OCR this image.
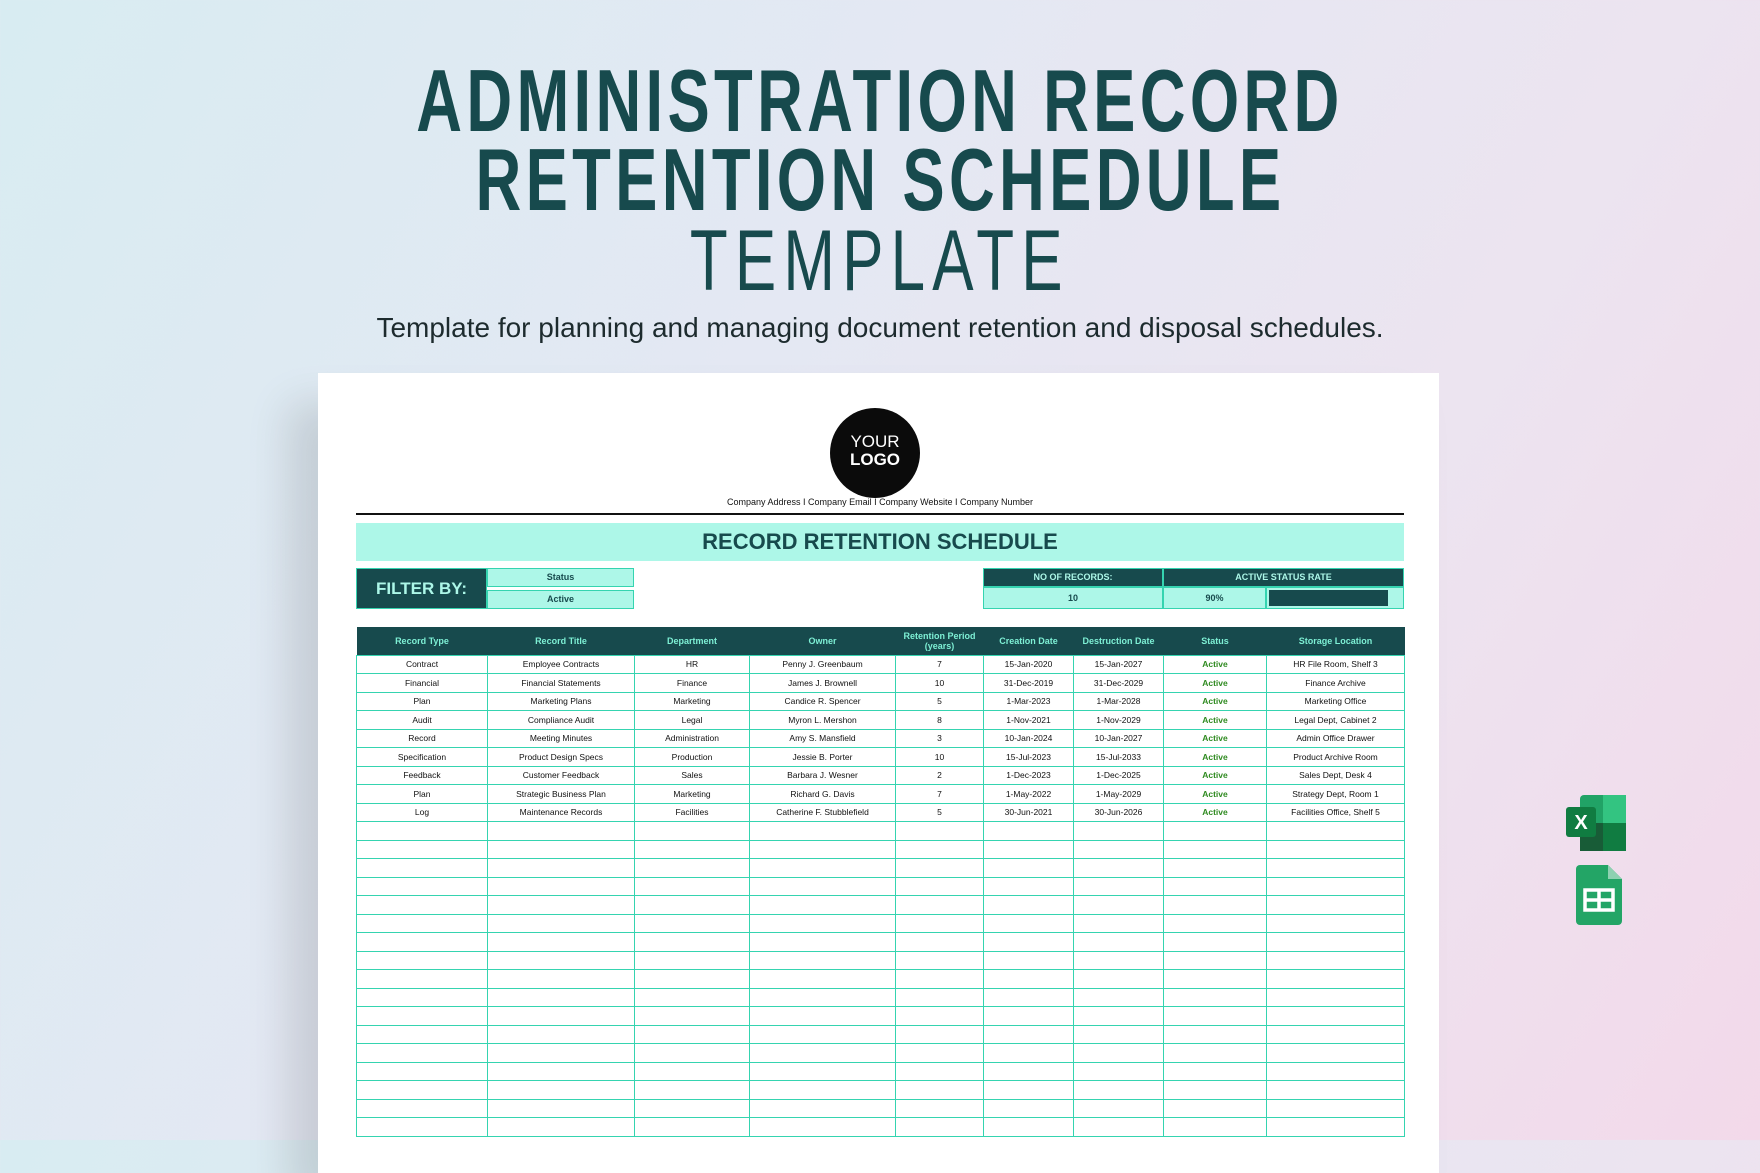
ADMINISTRATION RECORD
RETENTION SCHEDULE
TEMPLATE
Template for planning and managing document retention and disposal schedules.
YOUR
LOGO
Company Address I Company Email I Company Website I Company Number
RECORD RETENTION SCHEDULE
FILTER BY:
Status
Active
NO OF RECORDS:	ACTIVE STATUS RATE
10	90%
Record Type	Record Title	Department	Owner	Retention Period (years)	Creation Date	Destruction Date	Status	Storage Location
Contract	Employee Contracts	HR	Penny J. Greenbaum	7	15-Jan-2020	15-Jan-2027	Active	HR File Room, Shelf 3
Financial	Financial Statements	Finance	James J. Brownell	10	31-Dec-2019	31-Dec-2029	Active	Finance Archive
Plan	Marketing Plans	Marketing	Candice R. Spencer	5	1-Mar-2023	1-Mar-2028	Active	Marketing Office
Audit	Compliance Audit	Legal	Myron L. Mershon	8	1-Nov-2021	1-Nov-2029	Active	Legal Dept, Cabinet 2
Record	Meeting Minutes	Administration	Amy S. Mansfield	3	10-Jan-2024	10-Jan-2027	Active	Admin Office Drawer
Specification	Product Design Specs	Production	Jessie B. Porter	10	15-Jul-2023	15-Jul-2033	Active	Product Archive Room
Feedback	Customer Feedback	Sales	Barbara J. Wesner	2	1-Dec-2023	1-Dec-2025	Active	Sales Dept, Desk 4
Plan	Strategic Business Plan	Marketing	Richard G. Davis	7	1-May-2022	1-May-2029	Active	Strategy Dept, Room 1
Log	Maintenance Records	Facilities	Catherine F. Stubblefield	5	30-Jun-2021	30-Jun-2026	Active	Facilities Office, Shelf 5

									X
